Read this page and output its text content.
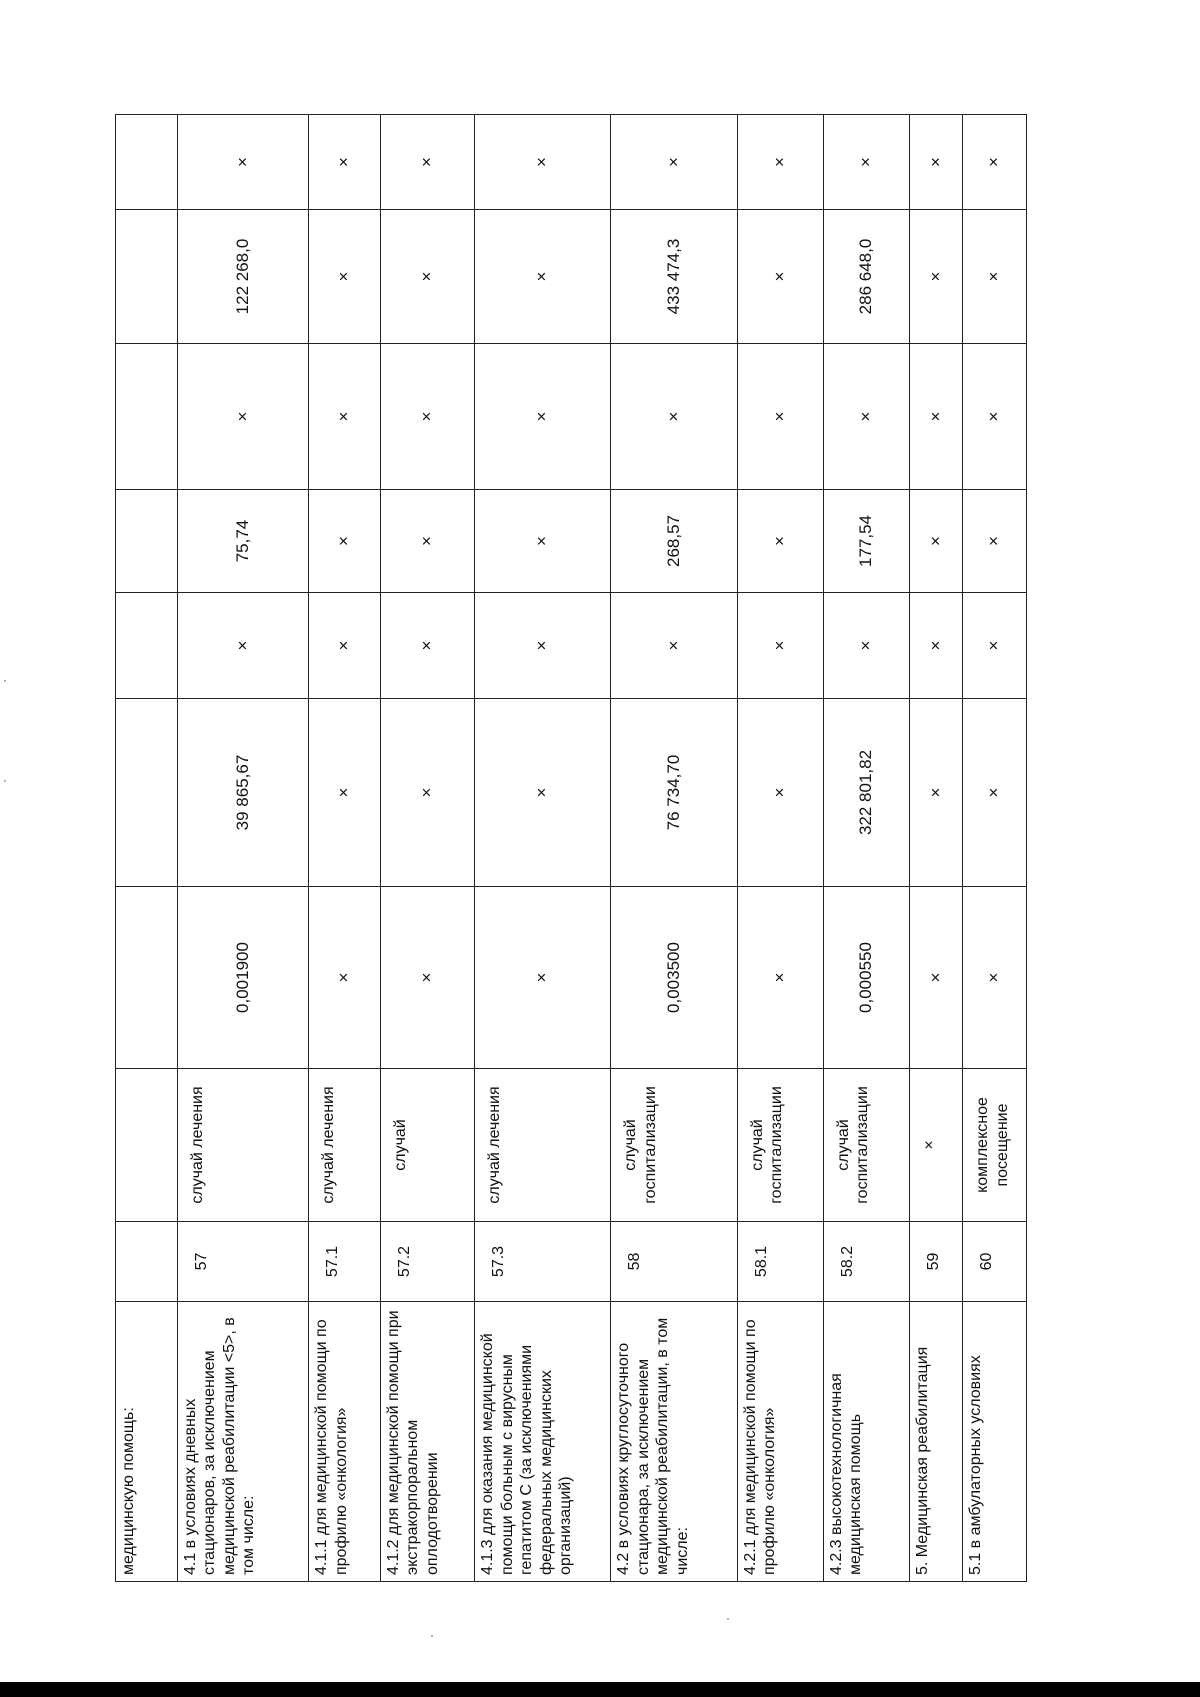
медицинскую помощь:									
4.1 в условиях дневных стационаров, за исключением медицинской реабилитации <5>, в том числе:	57	случай лечения	0,001900	39 865,67	×	75,74	×	122 268,0	×
4.1.1 для медицинской помощи по профилю «онкология»	57.1	случай лечения	×	×	×	×	×	×	×
4.1.2 для медицинской помощи при экстракорпоральном оплодотворении	57.2	случай	×	×	×	×	×	×	×
4.1.3 для оказания медицинской помощи больным с вирусным гепатитом С (за исключениями федеральных медицинских организаций)	57.3	случай лечения	×	×	×	×	×	×	×
4.2 в условиях круглосуточного стационара, за исключением медицинской реабилитации, в том числе:	58	случай госпитализации	0,003500	76 734,70	×	268,57	×	433 474,3	×
4.2.1 для медицинской помощи по профилю «онкология»	58.1	случай госпитализации	×	×	×	×	×	×	×
4.2.3 высокотехнологичная медицинская помощь	58.2	случай госпитализации	0,000550	322 801,82	×	177,54	×	286 648,0	×
5. Медицинская реабилитация	59	×	×	×	×	×	×	×	×
5.1 в амбулаторных условиях	60	комплексное посещение	×	×	×	×	×	×	×
